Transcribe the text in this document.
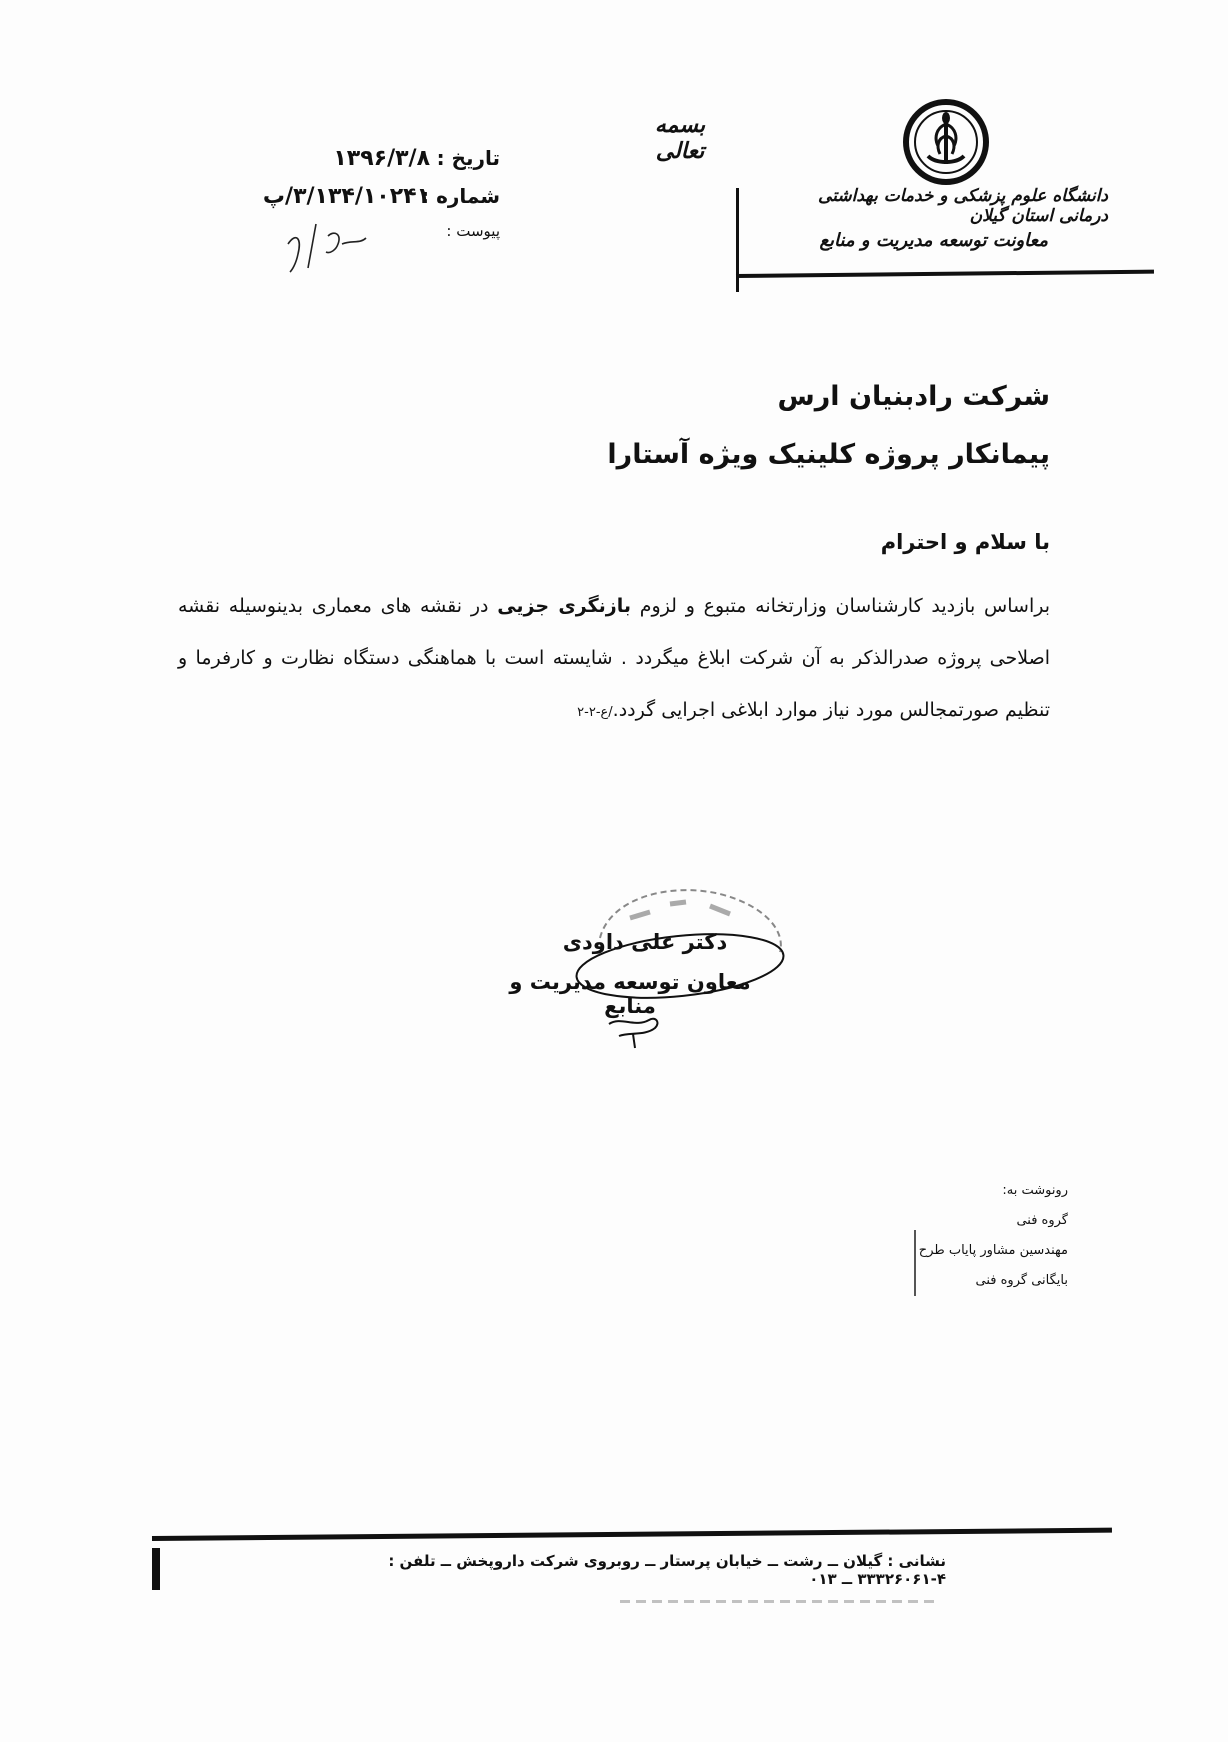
دانشگاه علوم پزشکی و خدمات بهداشتی درمانی استان گیلان
معاونت توسعه مدیریت و منابع
بسمه تعالی
تاریخ :
۱۳۹۶/۳/۸
شماره :
۳/۱۳۴/۱۰۲۴۱/پ
پیوست :
شرکت رادبنیان ارس
پیمانکار پروژه کلینیک ویژه آستارا
با سلام و احترام
براساس بازدید کارشناسان وزارتخانه متبوع و لزوم بازنگری جزیی در نقشه های معماری بدینوسیله نقشه اصلاحی پروژه صدرالذکر به آن شرکت ابلاغ میگردد . شایسته است با هماهنگی دستگاه نظارت و کارفرما و تنظیم صورتمجالس مورد نیاز موارد ابلاغی اجرایی گردد./ع-۲-۲
دکتر علی داودی
معاون توسعه مدیریت و منابع
رونوشت به:
گروه فنی
مهندسین مشاور پایاب طرح
بایگانی گروه فنی
نشانی : گیلان ــ رشت ــ خیابان پرستار ــ روبروی شرکت داروپخش ــ تلفن : ۴-۳۳۳۲۶۰۶۱ ــ ۰۱۳
